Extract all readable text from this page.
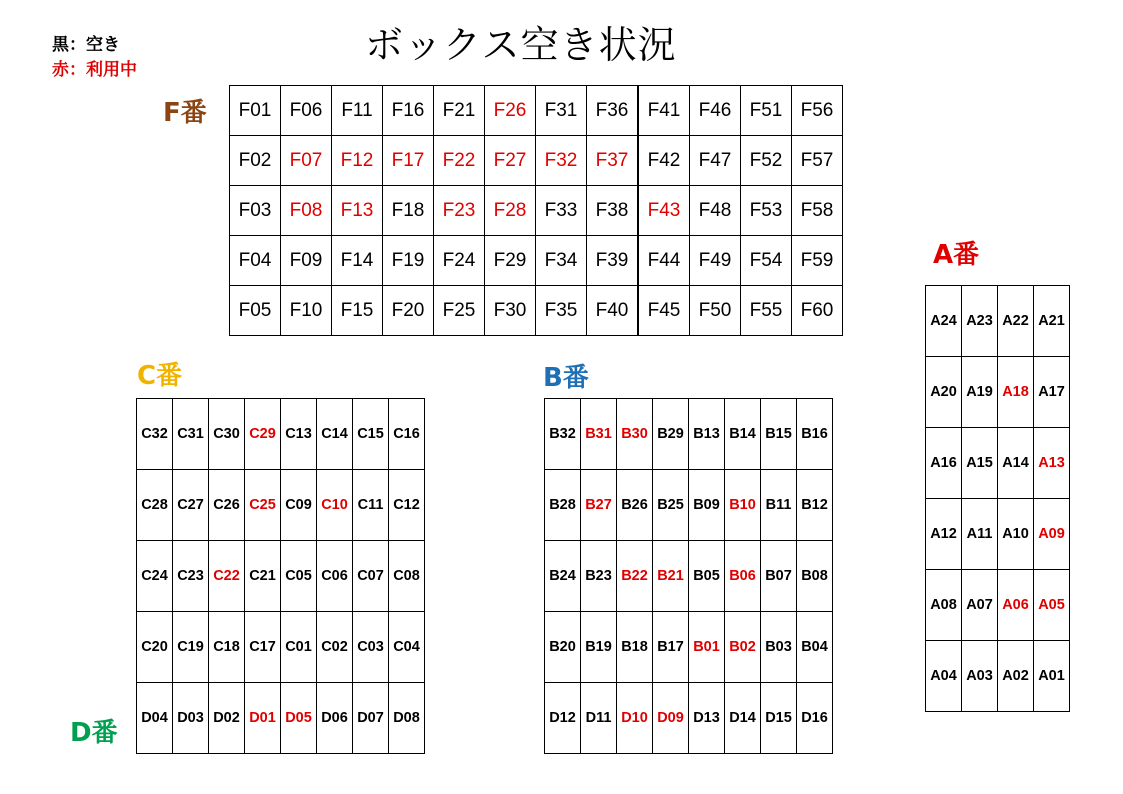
ボックス空き状況
黒：空き
赤：利用中
F番
A番
C番	B番
D番
F01	F06	F11	F16	F21	F26	F31	F36	F41	F46	F51	F56
F02	F07	F12	F17	F22	F27	F32	F37	F42	F47	F52	F57
F03	F08	F13	F18	F23	F28	F33	F38	F43	F48	F53	F58
F04	F09	F14	F19	F24	F29	F34	F39	F44	F49	F54	F59
F05	F10	F15	F20	F25	F30	F35	F40	F45	F50	F55	F60
A24	A23	A22	A21
A20	A19	A18	A17
A16	A15	A14	A13
A12	A11	A10	A09
A08	A07	A06	A05
A04	A03	A02	A01
C32	C31	C30	C29	C13	C14	C15	C16
C28	C27	C26	C25	C09	C10	C11	C12
C24	C23	C22	C21	C05	C06	C07	C08
C20	C19	C18	C17	C01	C02	C03	C04
D04	D03	D02	D01	D05	D06	D07	D08
B32	B31	B30	B29	B13	B14	B15	B16
B28	B27	B26	B25	B09	B10	B11	B12
B24	B23	B22	B21	B05	B06	B07	B08
B20	B19	B18	B17	B01	B02	B03	B04
D12	D11	D10	D09	D13	D14	D15	D16
